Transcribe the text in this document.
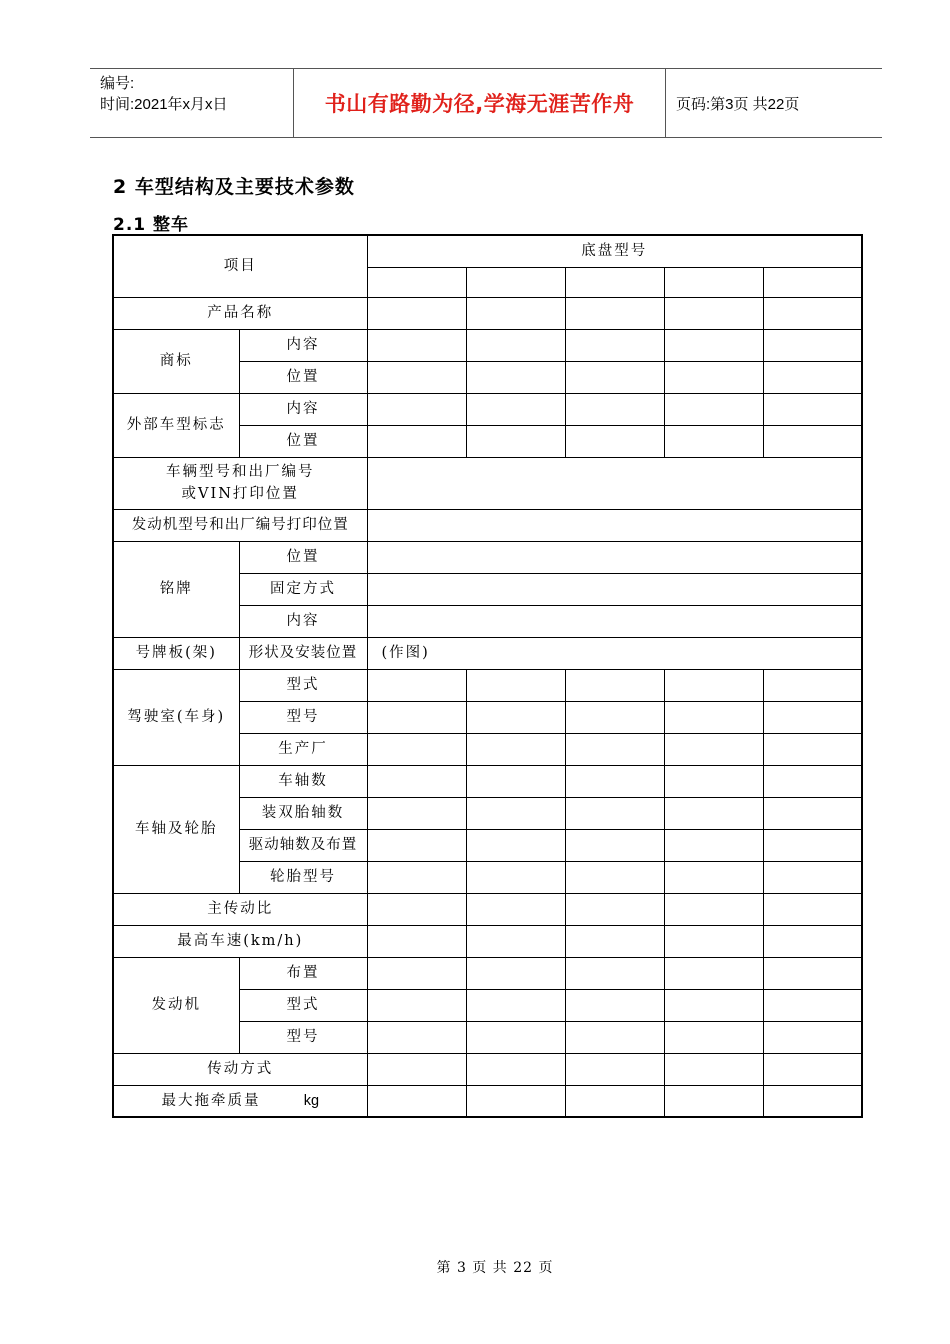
编号:
时间:2021年x月x日	书山有路勤为径,学海无涯苦作舟	页码:第3页 共22页
2 车型结构及主要技术参数
2.1 整车
项目		底盘型号				

产品名称						
商标	内容					
	位置					
外部车型标志	内容					
	位置					

车辆型号和出厂编号
或VIN打印位置						

发动机型号和出厂编号打印位置						
铭牌	位置					
	固定方式					
	内容					
号牌板(架)	形状及安装位置	(作图)				
驾驶室(车身)	型式					
	型号					
	生产厂					
车轴及轮胎	车轴数					
	装双胎轴数					
	驱动轴数及布置					
	轮胎型号					
主传动比						
最高车速(km/h)						
发动机	布置					
	型式					
	型号					
传动方式						
最大拖牵质量 kg						
第 3 页 共 22 页
